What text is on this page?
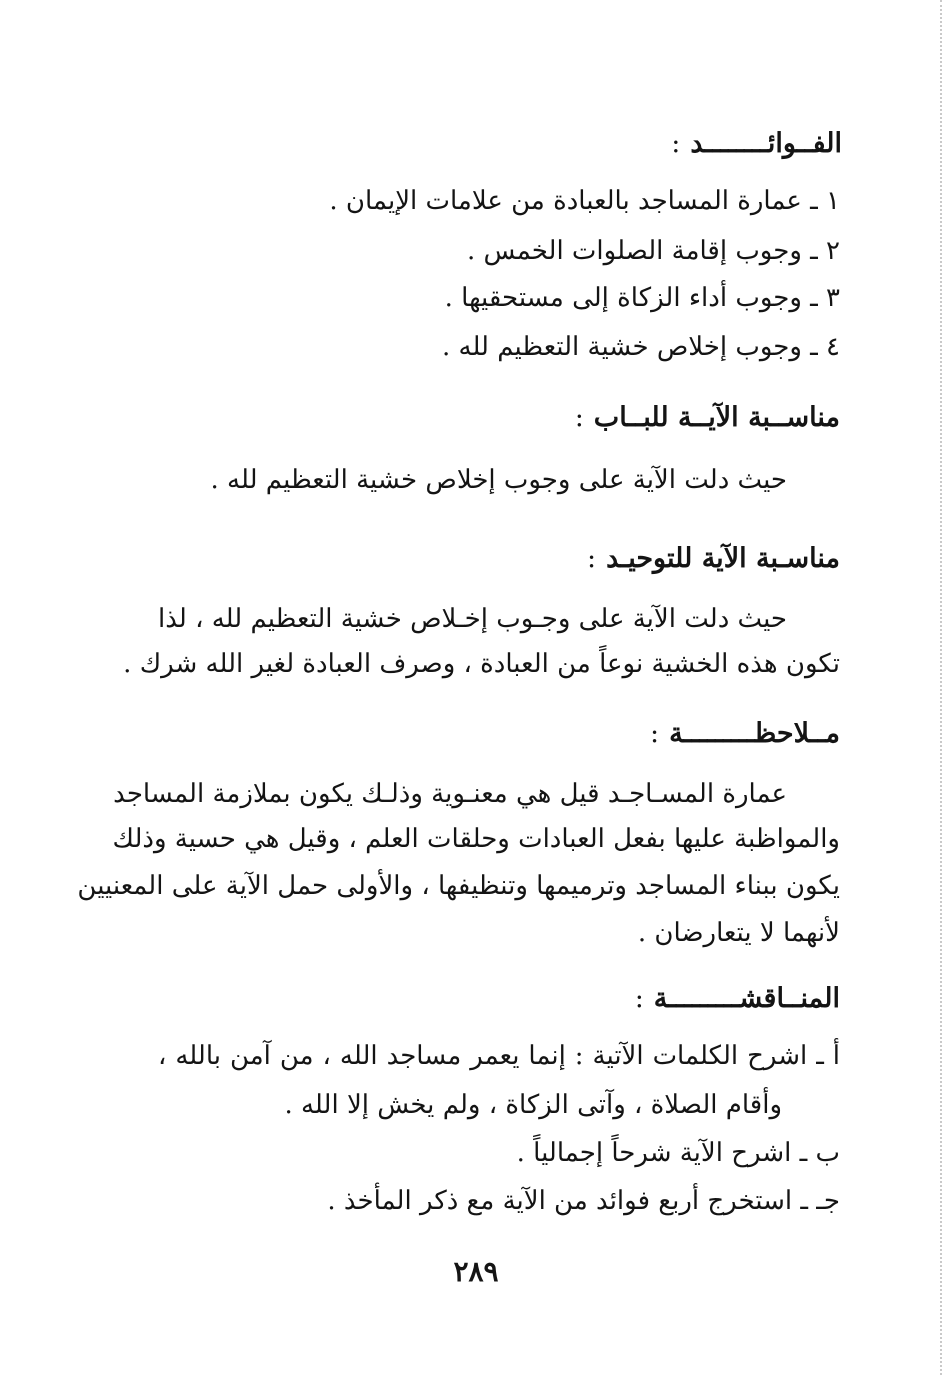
الفــوائــــــــد:
١ ـ عمارة المساجد بالعبادة من علامات الإيمان .
٢ ـ وجوب إقامة الصلوات الخمس .
٣ ـ وجوب أداء الزكاة إلى مستحقيها .
٤ ـ وجوب إخلاص خشية التعظيم لله .
مناســبة الآيــة للبــاب:
حيث دلت الآية على وجوب إخلاص خشية التعظيم لله .
مناسـبة الآية للتوحيـد:
حيث دلت الآية على وجـوب إخـلاص خشية التعظيم لله ، لذا
تكون هذه الخشية نوعاً من العبادة ، وصرف العبادة لغير الله شرك .
مــلاحظـــــــــة:
عمارة المسـاجـد قيل هي معنـوية وذلـك يكون بملازمة المساجد
والمواظبة عليها بفعل العبادات وحلقات العلم ، وقيل هي حسية وذلك
يكون ببناء المساجد وترميمها وتنظيفها ، والأولى حمل الآية على المعنيين
لأنهما لا يتعارضان .
المنــاقشـــــــــة:
أ ـ اشرح الكلمات الآتية : إنما يعمر مساجد الله ، من آمن بالله ،
وأقام الصلاة ، وآتى الزكاة ، ولم يخش إلا الله .
ب ـ اشرح الآية شرحاً إجمالياً .
جـ ـ استخرج أربع فوائد من الآية مع ذكر المأخذ .
٢٨٩
